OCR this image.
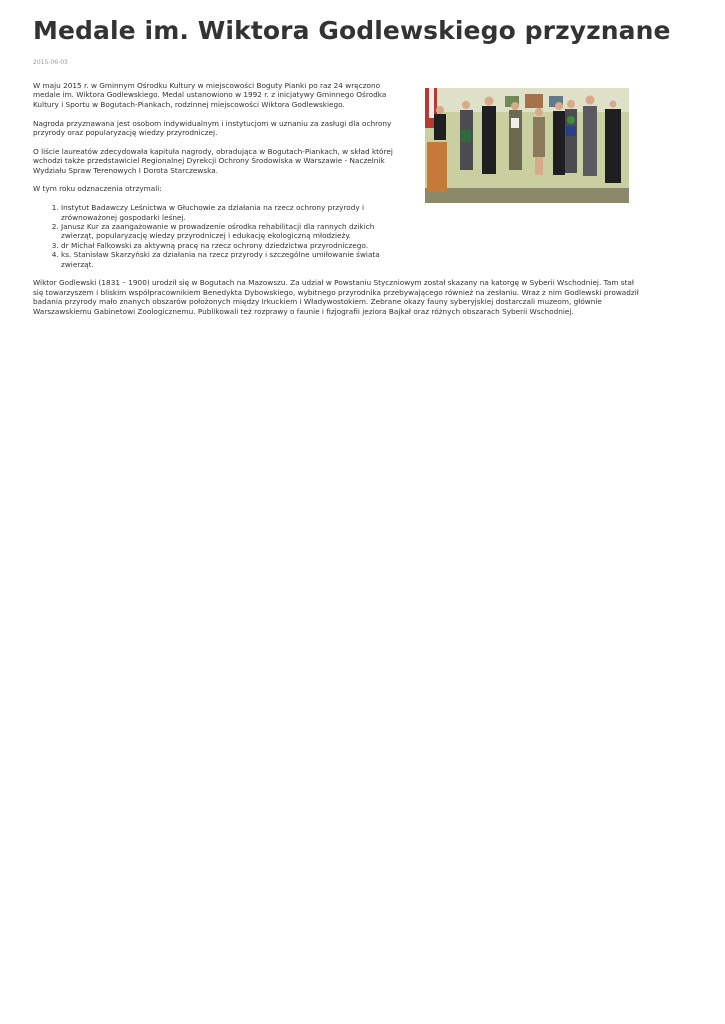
Medale im. Wiktora Godlewskiego przyznane
2015-06-03

W maju 2015 r. w Gminnym Ośrodku Kultury w miejscowości Boguty Pianki po raz 24 wręczono medale im. Wiktora Godlewskiego. Medal ustanowiono w 1992 r. z inicjatywy Gminnego Ośrodka Kultury i Sportu w Bogutach-Piankach, rodzinnej miejscowości Wiktora Godlewskiego.

Nagroda przyznawana jest osobom indywidualnym i instytucjom w uznaniu za zasługi dla ochrony przyrody oraz popularyzację wiedzy przyrodniczej.

O liście laureatów zdecydowała kapituła nagrody, obradująca w Bogutach-Piankach, w skład której wchodzi także przedstawiciel Regionalnej Dyrekcji Ochrony Środowiska w Warszawie - Naczelnik Wydziału Spraw Terenowych I Dorota Starczewska.

W tym roku odznaczenia otrzymali:

1. Instytut Badawczy Leśnictwa w Głuchowie za działania na rzecz ochrony przyrody i zrównoważonej gospodarki leśnej.
2. Janusz Kur za zaangażowanie w prowadzenie ośrodka rehabilitacji dla rannych dzikich zwierząt, popularyzację wiedzy przyrodniczej i edukację ekologiczną młodzieży.
3. dr Michał Falkowski za aktywną pracę na rzecz ochrony dziedzictwa przyrodniczego.
4. ks. Stanisław Skarzyński za działania na rzecz przyrody i szczególne umiłowanie świata zwierząt.

Wiktor Godlewski (1831 – 1900) urodził się w Bogutach na Mazowszu. Za udział w Powstaniu Styczniowym został skazany na katorgę w Syberii Wschodniej. Tam stał się towarzyszem i bliskim współpracownikiem Benedykta Dybowskiego, wybitnego przyrodnika przebywającego również na zesłaniu. Wraz z nim Godlewski prowadził badania przyrody mało znanych obszarów położonych między Irkuckiem i Władywostokiem. Zebrane okazy fauny syberyjskiej dostarczali muzeom, głównie Warszawskiemu Gabinetowi Zoologicznemu. Publikowali też rozprawy o faunie i fizjografii jeziora Bajkał oraz różnych obszarach Syberii Wschodniej.
